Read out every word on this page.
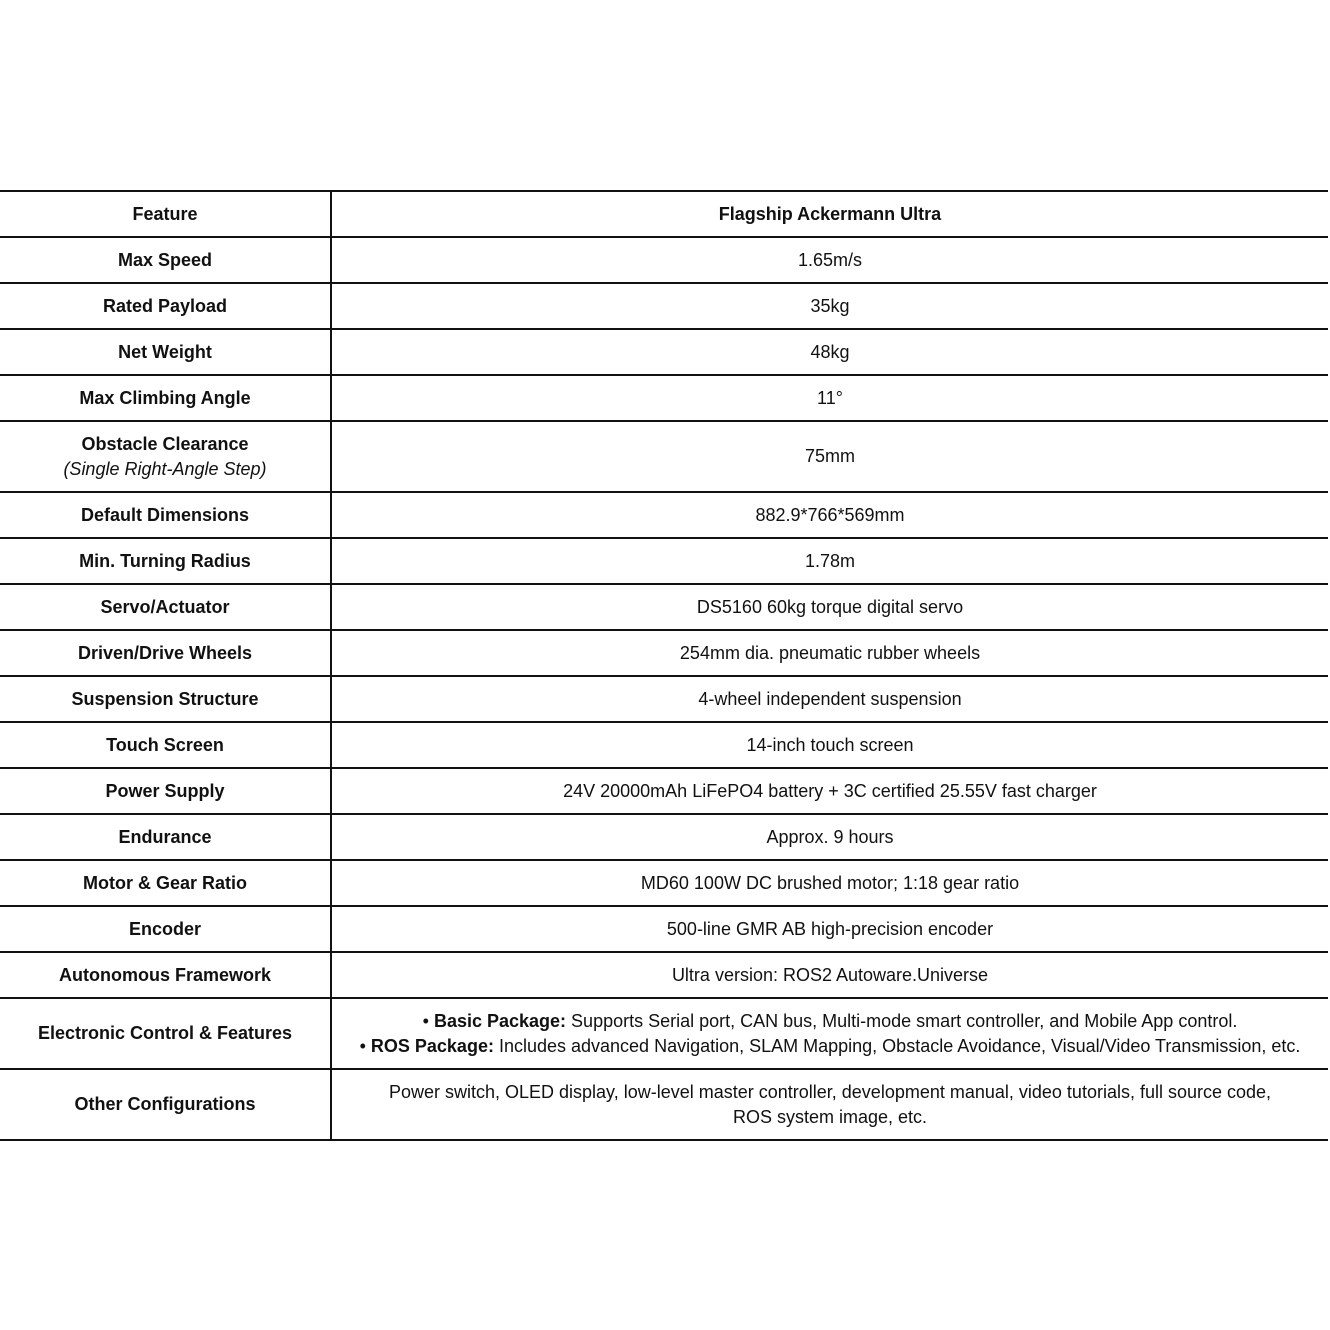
Feature	Flagship Ackermann Ultra
Max Speed	1.65m/s
Rated Payload	35kg
Net Weight	48kg
Max Climbing Angle	11°

Obstacle Clearance
(Single Right-Angle Step)	75mm
Default Dimensions	882.9*766*569mm
Min. Turning Radius	1.78m
Servo/Actuator	DS5160 60kg torque digital servo
Driven/Drive Wheels	254mm dia. pneumatic rubber wheels
Suspension Structure	4-wheel independent suspension
Touch Screen	14-inch touch screen
Power Supply	24V 20000mAh LiFePO4 battery + 3C certified 25.55V fast charger
Endurance	Approx. 9 hours
Motor & Gear Ratio	MD60 100W DC brushed motor; 1:18 gear ratio
Encoder	500-line GMR AB high-precision encoder
Autonomous Framework	Ultra version: ROS2 Autoware.Universe
Electronic Control & Features	• Basic Package: Supports Serial port, CAN bus, Multi-mode smart controller, and Mobile App control.
• ROS Package: Includes advanced Navigation, SLAM Mapping, Obstacle Avoidance, Visual/Video Transmission, etc.

Other Configurations	Power switch, OLED display, low-level master controller, development manual, video tutorials, full source code,
ROS system image, etc.
